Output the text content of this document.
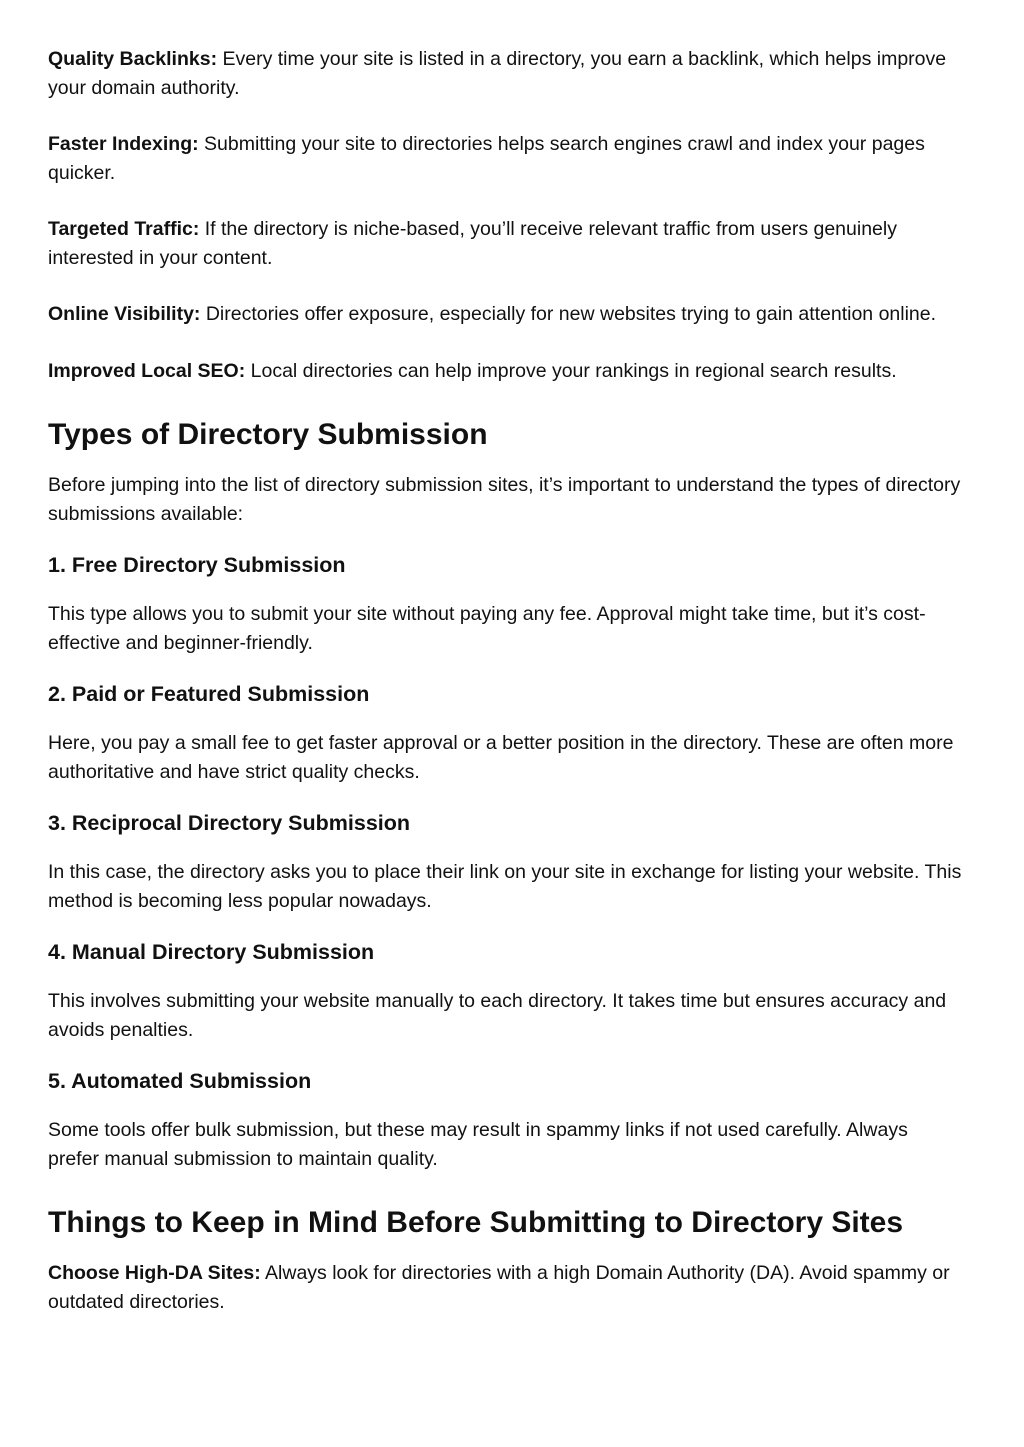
Quality Backlinks: Every time your site is listed in a directory, you earn a backlink, which helps improve your domain authority.

Faster Indexing: Submitting your site to directories helps search engines crawl and index your pages quicker.

Targeted Traffic: If the directory is niche-based, you’ll receive relevant traffic from users genuinely interested in your content.

Online Visibility: Directories offer exposure, especially for new websites trying to gain attention online.

Improved Local SEO: Local directories can help improve your rankings in regional search results.

Types of Directory Submission

Before jumping into the list of directory submission sites, it’s important to understand the types of directory submissions available:

1. Free Directory Submission

This type allows you to submit your site without paying any fee. Approval might take time, but it’s cost-effective and beginner-friendly.

2. Paid or Featured Submission

Here, you pay a small fee to get faster approval or a better position in the directory. These are often more authoritative and have strict quality checks.

3. Reciprocal Directory Submission

In this case, the directory asks you to place their link on your site in exchange for listing your website. This method is becoming less popular nowadays.

4. Manual Directory Submission

This involves submitting your website manually to each directory. It takes time but ensures accuracy and avoids penalties.

5. Automated Submission

Some tools offer bulk submission, but these may result in spammy links if not used carefully. Always prefer manual submission to maintain quality.

Things to Keep in Mind Before Submitting to Directory Sites

Choose High-DA Sites: Always look for directories with a high Domain Authority (DA). Avoid spammy or outdated directories.
